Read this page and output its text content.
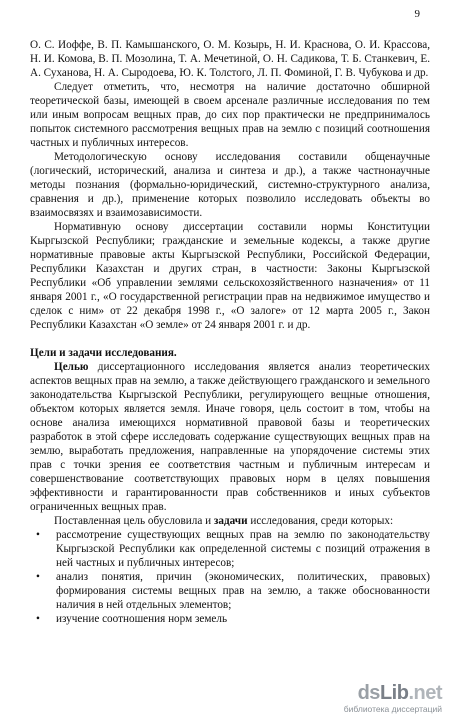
9

О. С. Иоффе, В. П. Камышанского, О. М. Козырь, Н. И. Краснова, О. И. Крассова, Н. И. Комова, В. П. Мозолина, Т. А. Мечетиной, О. Н. Садикова, Т. Б. Станкевич, Е. А. Суханова, Н. А. Сыродоева, Ю. К. Толстого, Л. П. Фоминой, Г. В. Чубукова и др.

Следует отметить, что, несмотря на наличие достаточно обширной теоретической базы, имеющей в своем арсенале различные исследования по тем или иным вопросам вещных прав, до сих пор практически не предпринималось попыток системного рассмотрения вещных прав на землю с позиций соотношения частных и публичных интересов.

Методологическую основу исследования составили общенаучные (логический, исторический, анализа и синтеза и др.), а также частнонаучные методы познания (формально-юридический, системно-структурного анализа, сравнения и др.), применение которых позволило исследовать объекты во взаимосвязях и взаимозависимости.

Нормативную основу диссертации составили нормы Конституции Кыргызской Республики; гражданские и земельные кодексы, а также другие нормативные правовые акты Кыргызской Республики, Российской Федерации, Республики Казахстан и других стран, в частности: Законы Кыргызской Республики «Об управлении землями сельскохозяйственного назначения» от 11 января 2001 г., «О государственной регистрации прав на недвижимое имущество и сделок с ним» от 22 декабря 1998 г., «О залоге» от 12 марта 2005 г., Закон Республики Казахстан «О земле» от 24 января 2001 г. и др.

Цели и задачи исследования.

Целью диссертационного исследования является анализ теоретических аспектов вещных прав на землю, а также действующего гражданского и земельного законодательства Кыргызской Республики, регулирующего вещные отношения, объектом которых является земля. Иначе говоря, цель состоит в том, чтобы на основе анализа имеющихся нормативной правовой базы и теоретических разработок в этой сфере исследовать содержание существующих вещных прав на землю, выработать предложения, направленные на упорядочение системы этих прав с точки зрения ее соответствия частным и публичным интересам и совершенствование соответствующих правовых норм в целях повышения эффективности и гарантированности прав собственников и иных субъектов ограниченных вещных прав.

Поставленная цель обусловила и задачи исследования, среди которых:

• рассмотрение существующих вещных прав на землю по законодательству Кыргызской Республики как определенной системы с позиций отражения в ней частных и публичных интересов;
• анализ понятия, причин (экономических, политических, правовых) формирования системы вещных прав на землю, а также обоснованности наличия в ней отдельных элементов;
• изучение соотношения норм земель
dsLib.net
библиотека диссертаций
